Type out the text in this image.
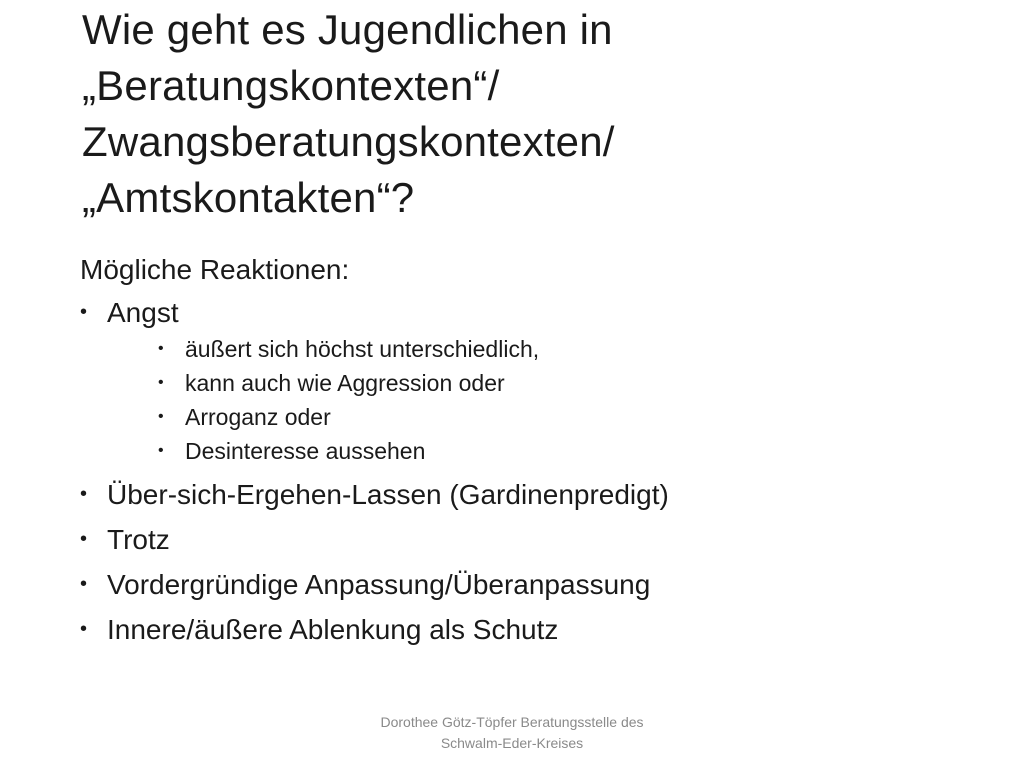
Wie geht es Jugendlichen in
„Beratungskontexten“/
Zwangsberatungskontexten/
„Amtskontakten“?

Mögliche Reaktionen:

• Angst
• äußert sich höchst unterschiedlich,
• kann auch wie Aggression oder
• Arroganz oder
• Desinteresse aussehen
• Über-sich-Ergehen-Lassen (Gardinenpredigt)
• Trotz
• Vordergründige Anpassung/Überanpassung
• Innere/äußere Ablenkung als Schutz
Dorothee Götz-Töpfer Beratungsstelle des
Schwalm-Eder-Kreises
